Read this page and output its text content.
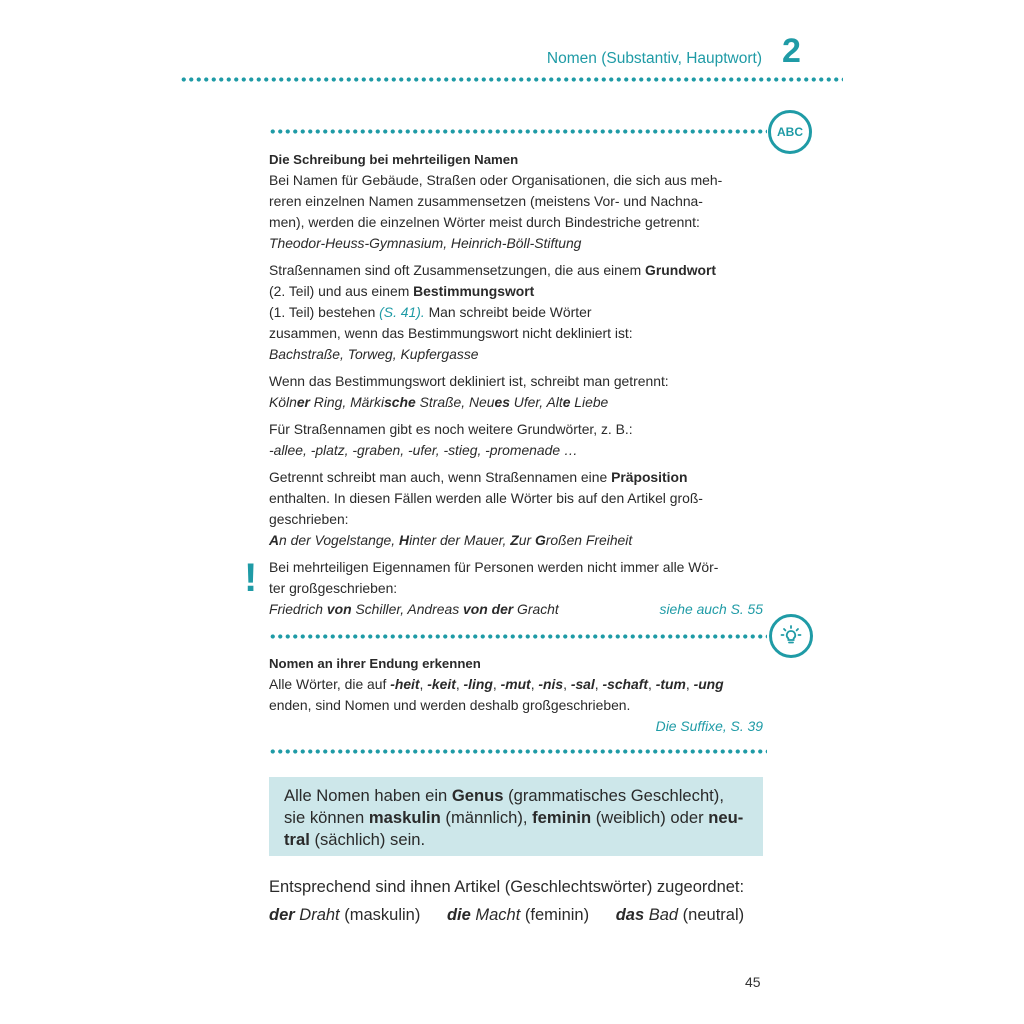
Nomen (Substantiv, Hauptwort) 2
ABC
Die Schreibung bei mehrteiligen Namen

Bei Namen für Gebäude, Straßen oder Organisationen, die sich aus meh-
reren einzelnen Namen zusammensetzen (meistens Vor- und Nachna-
men), werden die einzelnen Wörter meist durch Bindestriche getrennt:
Theodor-Heuss-Gymnasium, Heinrich-Böll-Stiftung

Straßennamen sind oft Zusammensetzungen, die aus einem Grundwort
(2. Teil) und aus einem Bestimmungswort
(1. Teil) bestehen (S. 41). Man schreibt beide Wörter
zusammen, wenn das Bestimmungswort nicht dekliniert ist:
Bachstraße, Torweg, Kupfergasse

Wenn das Bestimmungswort dekliniert ist, schreibt man getrennt:
Kölner Ring, Märkische Straße, Neues Ufer, Alte Liebe

Für Straßennamen gibt es noch weitere Grundwörter, z. B.:
-allee, -platz, -graben, -ufer, -stieg, -promenade …

Getrennt schreibt man auch, wenn Straßennamen eine Präposition
enthalten. In diesen Fällen werden alle Wörter bis auf den Artikel groß-
geschrieben:
An der Vogelstange, Hinter der Mauer, Zur Großen Freiheit

Bei mehrteiligen Eigennamen für Personen werden nicht immer alle Wör-
ter großgeschrieben:

Friedrich von Schiller, Andreas von der Gracht	siehe auch S. 55
!
Nomen an ihrer Endung erkennen

Alle Wörter, die auf -heit, -keit, -ling, -mut, -nis, -sal, -schaft, -tum, -ung
enden, sind Nomen und werden deshalb großgeschrieben.

Die Suffixe, S. 39
Alle Nomen haben ein Genus (grammatisches Geschlecht),
sie können maskulin (männlich), feminin (weiblich) oder neu-
tral (sächlich) sein.
Entsprechend sind ihnen Artikel (Geschlechtswörter) zugeordnet:
der Draht (maskulin) die Macht (feminin) das Bad (neutral)
45
